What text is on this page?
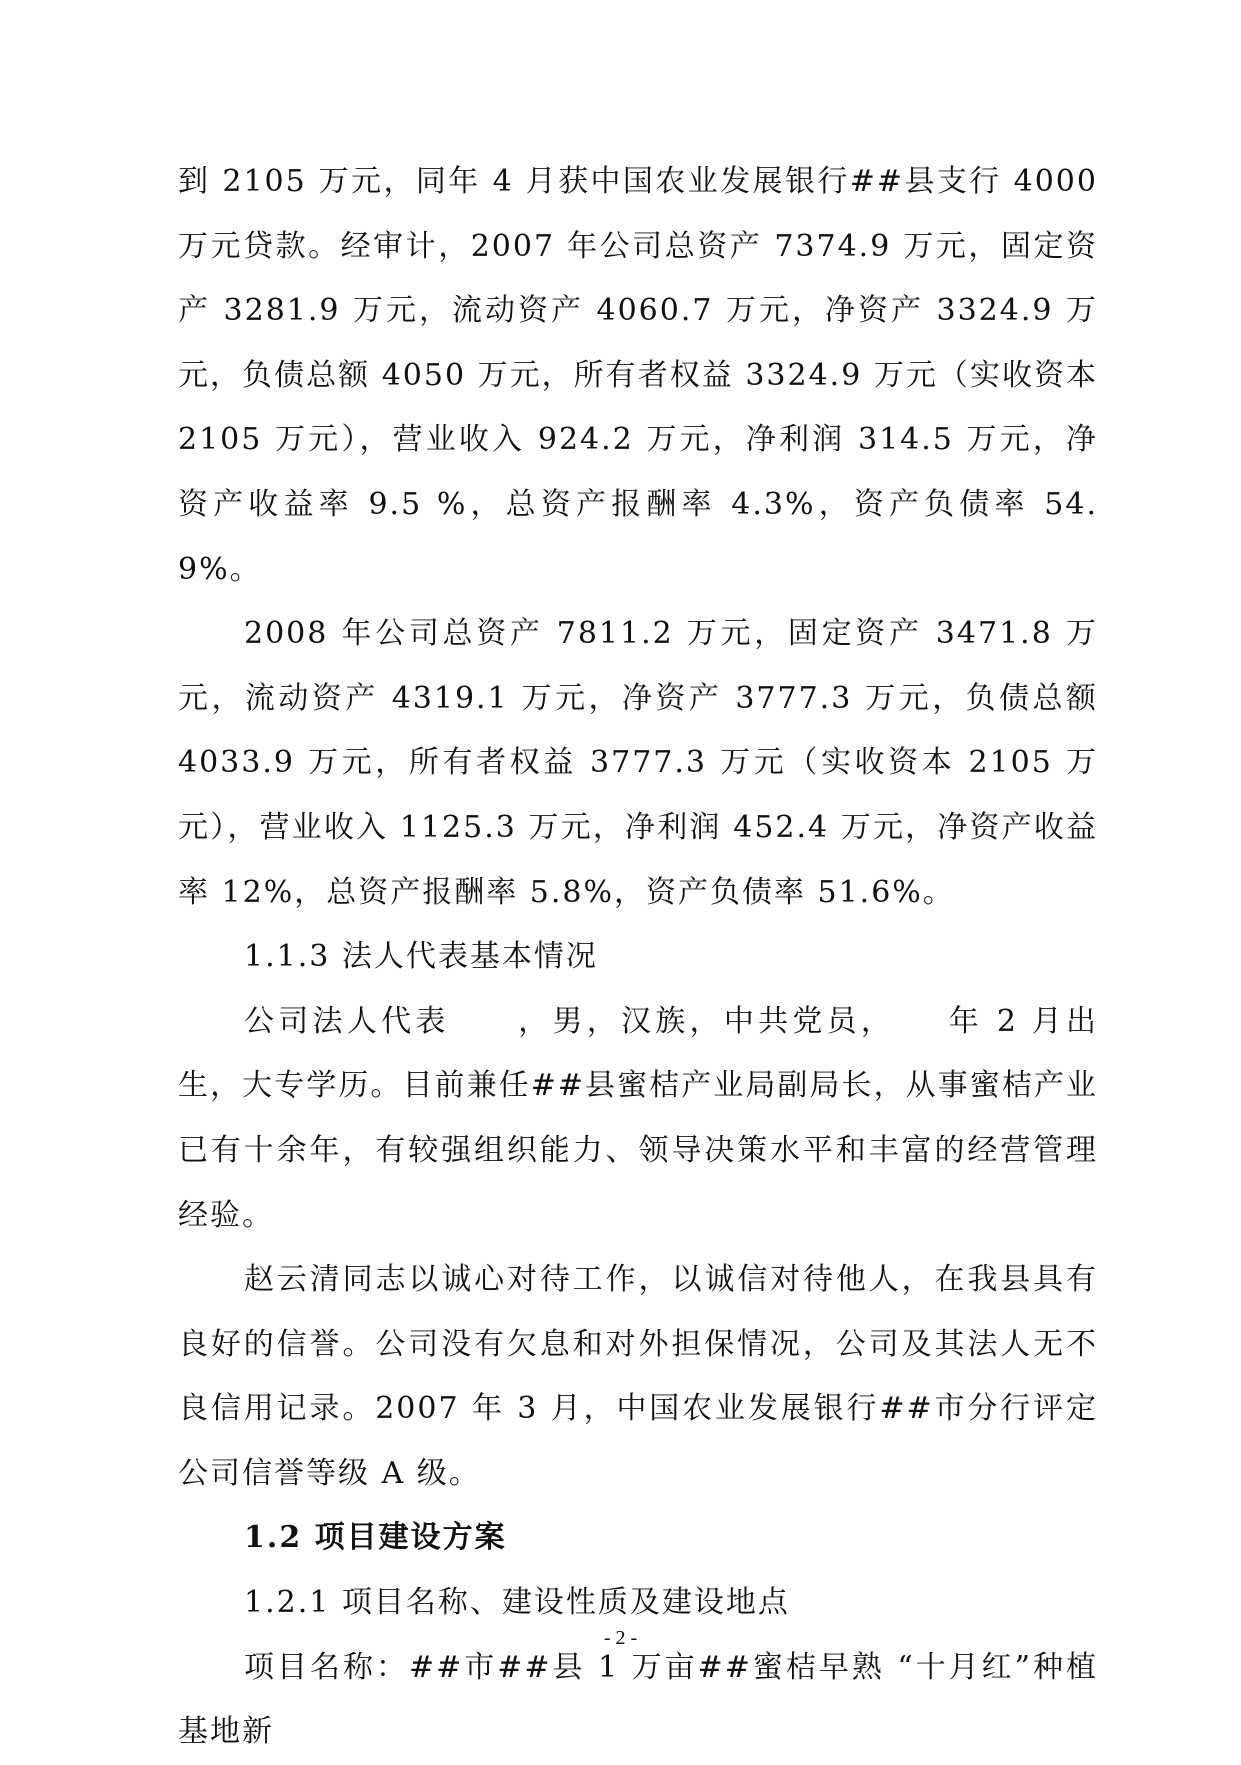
到 2105 万元，同年 4 月获中国农业发展银行##县支行 4000 万元贷款。经审计，2007 年公司总资产 7374.9 万元，固定资产 3281.9 万元，流动资产 4060.7 万元，净资产 3324.9 万元，负债总额 4050 万元，所有者权益 3324.9 万元（实收资本 2105 万元），营业收入 924.2 万元，净利润 314.5 万元，净资产收益率 9.5 %，总资产报酬率 4.3%，资产负债率 54.9%。

2008 年公司总资产 7811.2 万元，固定资产 3471.8 万元，流动资产 4319.1 万元，净资产 3777.3 万元，负债总额 4033.9 万元，所有者权益 3777.3 万元（实收资本 2105 万元），营业收入 1125.3 万元，净利润 452.4 万元，净资产收益率 12%，总资产报酬率 5.8%，资产负债率 51.6%。

1.1.3 法人代表基本情况

公司法人代表　　，男，汉族，中共党员，　　年 2 月出生，大专学历。目前兼任##县蜜桔产业局副局长，从事蜜桔产业已有十余年，有较强组织能力、领导决策水平和丰富的经营管理经验。

赵云清同志以诚心对待工作，以诚信对待他人，在我县具有良好的信誉。公司没有欠息和对外担保情况，公司及其法人无不良信用记录。2007 年 3 月，中国农业发展银行##市分行评定公司信誉等级 A 级。

1.2 项目建设方案

1.2.1 项目名称、建设性质及建设地点

项目名称：##市##县 1 万亩##蜜桔早熟 “十月红”种植基地新

- 2 -
